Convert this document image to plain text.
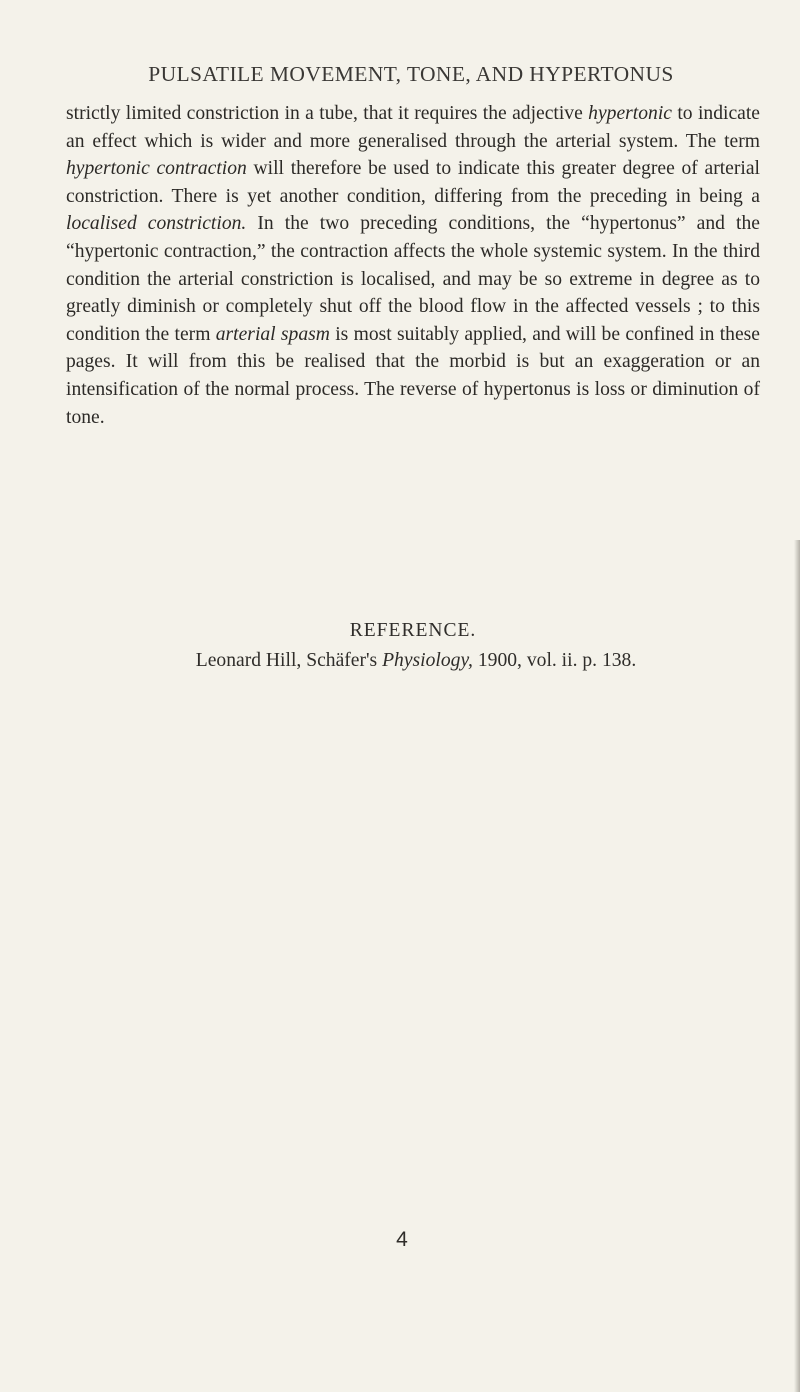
PULSATILE MOVEMENT, TONE, AND HYPERTONUS

strictly limited constriction in a tube, that it requires the adjective hypertonic to indicate an effect which is wider and more generalised through the arterial system. The term hypertonic contraction will therefore be used to indicate this greater degree of arterial constriction. There is yet another condition, differing from the preceding in being a localised constriction. In the two preceding conditions, the “hypertonus” and the “hypertonic contraction,” the contraction affects the whole systemic system. In the third condition the arterial constriction is localised, and may be so extreme in degree as to greatly diminish or completely shut off the blood flow in the affected vessels ; to this condition the term arterial spasm is most suitably applied, and will be confined in these pages. It will from this be realised that the morbid is but an exaggeration or an intensification of the normal process. The reverse of hypertonus is loss or diminution of tone.

REFERENCE.
Leonard Hill, Schäfer's Physiology, 1900, vol. ii. p. 138.
4
